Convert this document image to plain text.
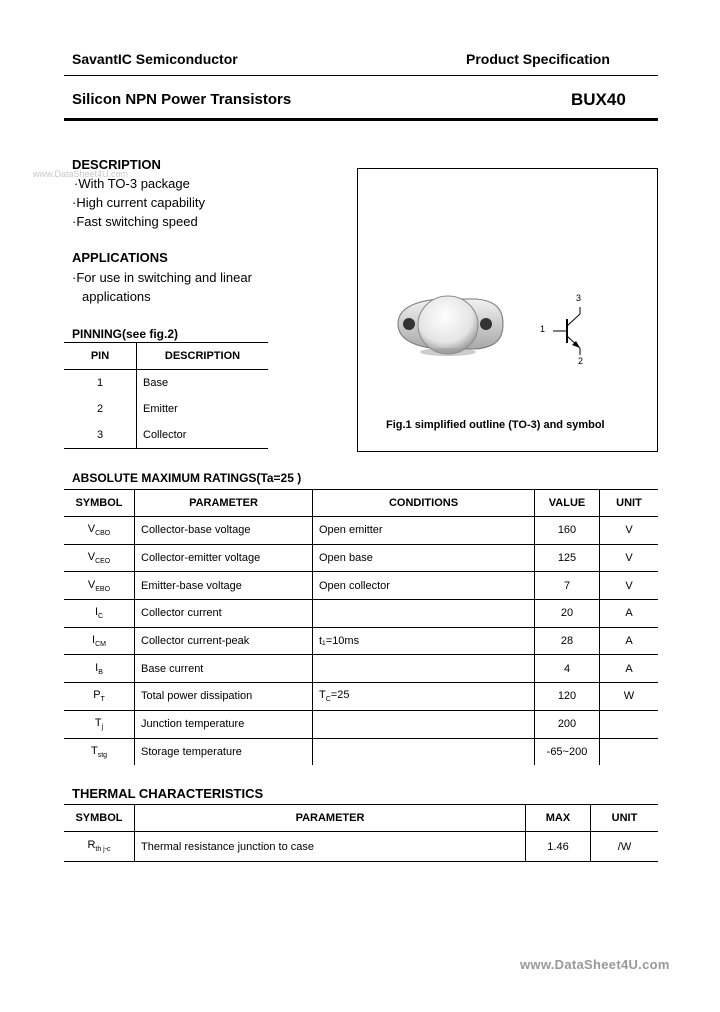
SavantIC Semiconductor	Product Specification
Silicon NPN Power Transistors	BUX40
DESCRIPTION
www.DataSheet4U.com
·With TO-3 package
·High current capability
·Fast switching speed
APPLICATIONS
·For use in switching and linear
applications
PINNING(see fig.2)
PIN	DESCRIPTION
1	Base
2	Emitter
3	Collector
1
2
3
Fig.1 simplified outline (TO-3) and symbol
ABSOLUTE MAXIMUM RATINGS(Ta=25 )
SYMBOL	PARAMETER	CONDITIONS	VALUE	UNIT
$V_{CBO}$	Collector-base voltage	Open emitter	160	V
$V_{CEO}$	Collector-emitter voltage	Open base	125	V
$V_{EBO}$	Emitter-base voltage	Open collector	7	V
$I_C$	Collector current		20	A
$I_{CM}$	Collector current-peak	t₁=10ms	28	A
$I_B$	Base current		4	A
$P_T$	Total power dissipation	$T_C=25$	120	W
$T_j$	Junction temperature		200	
$T_{stg}$	Storage temperature		-65~200	
THERMAL CHARACTERISTICS
SYMBOL	PARAMETER	MAX	UNIT
$R_{th j-c}$	Thermal resistance junction to case	1.46	/W
www.DataSheet4U.com
